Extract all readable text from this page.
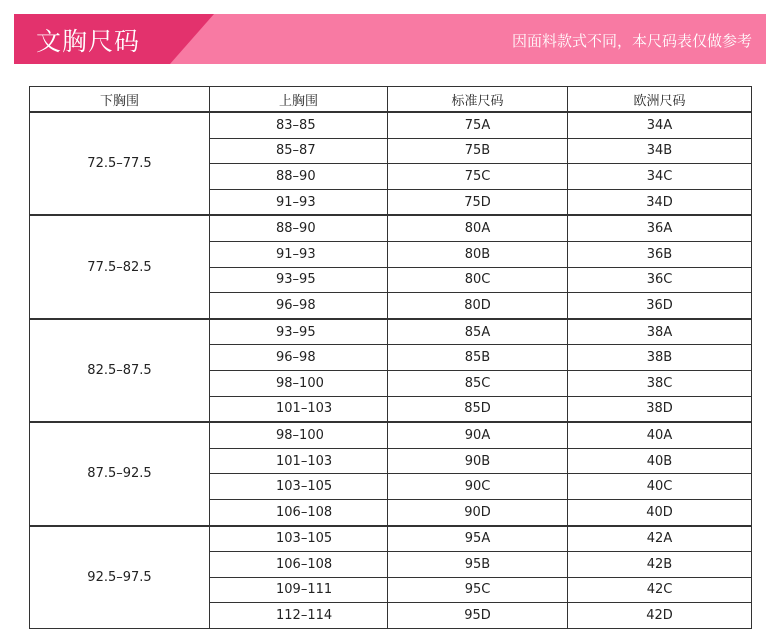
文胸尺码	因面料款式不同，本尺码表仅做参考
下胸围	上胸围	标准尺码	欧洲尺码
72.5–77.5	83–85	75A	34A
	85–87	75B	34B
	88–90	75C	34C
	91–93	75D	34D
77.5–82.5	88–90	80A	36A
	91–93	80B	36B
	93–95	80C	36C
	96–98	80D	36D
82.5–87.5	93–95	85A	38A
	96–98	85B	38B
	98–100	85C	38C
	101–103	85D	38D
87.5–92.5	98–100	90A	40A
	101–103	90B	40B
	103–105	90C	40C
	106–108	90D	40D
92.5–97.5	103–105	95A	42A
	106–108	95B	42B
	109–111	95C	42C
	112–114	95D	42D
